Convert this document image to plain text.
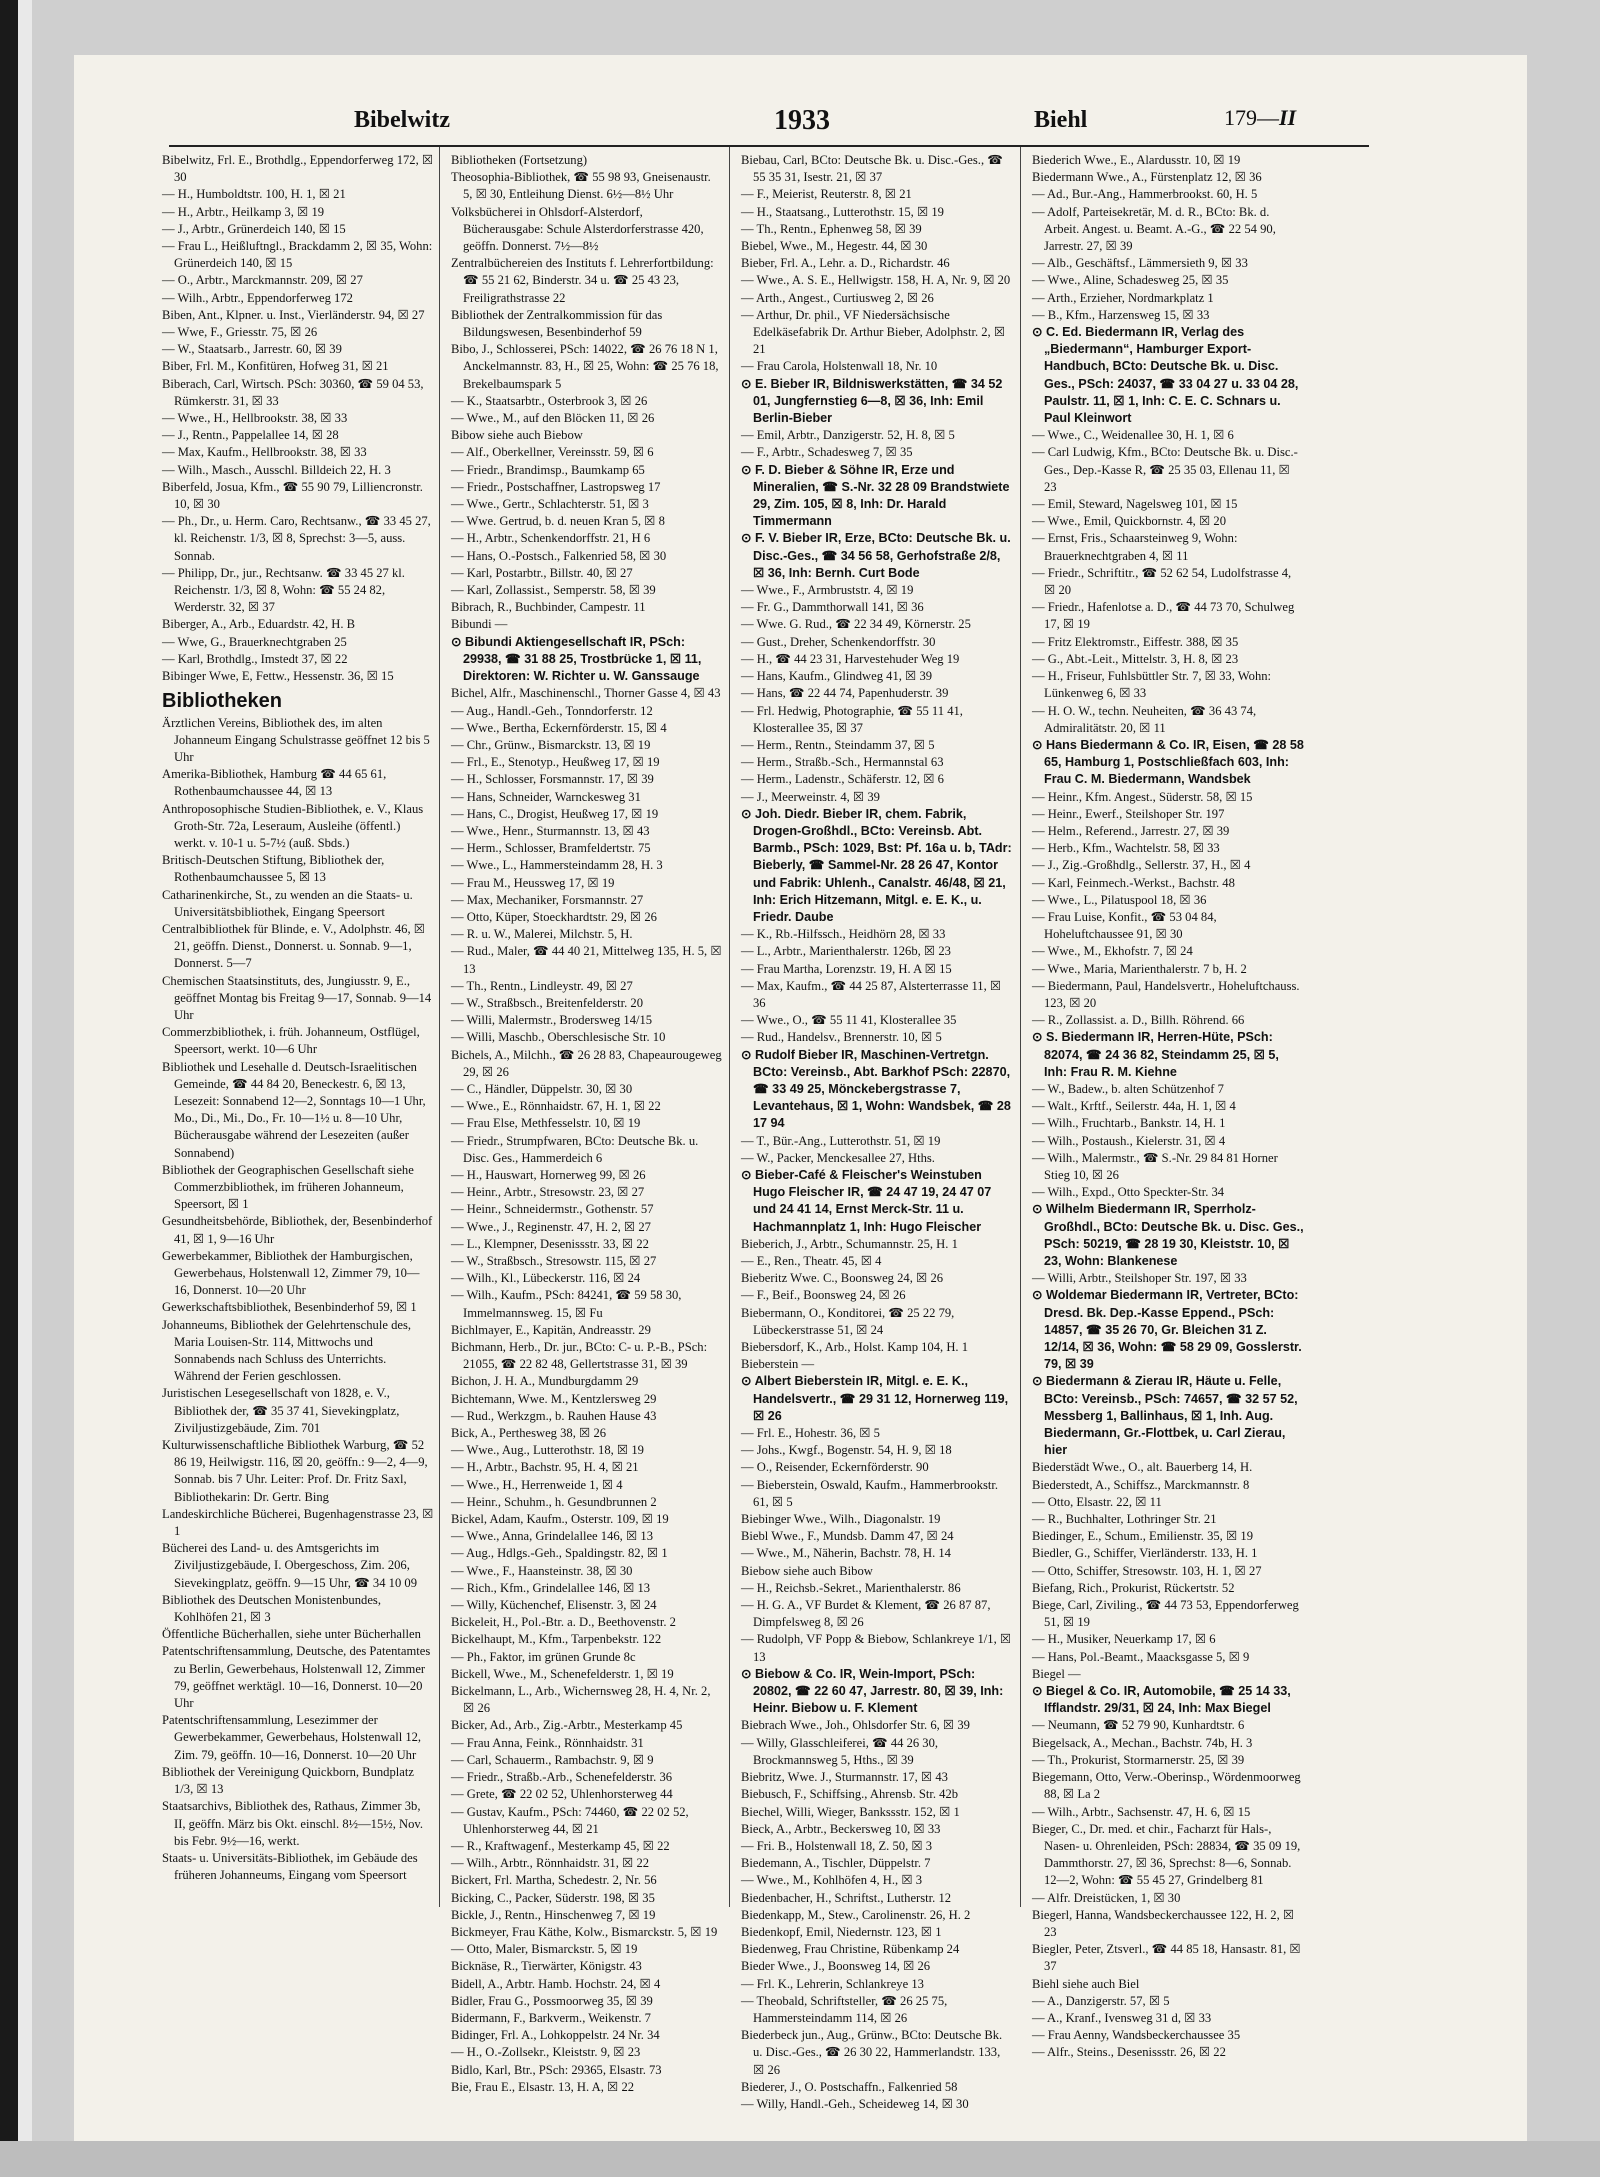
Bibelwitz	1933	Biehl	179—II

Bibelwitz, Frl. E., Brothdlg., Eppendorferweg 172, ☒ 30

— H., Humboldtstr. 100, H. 1, ☒ 21

— H., Arbtr., Heilkamp 3, ☒ 19

— J., Arbtr., Grünerdeich 140, ☒ 15

— Frau L., Heißluftngl., Brackdamm 2, ☒ 35, Wohn: Grünerdeich 140, ☒ 15

— O., Arbtr., Marckmannstr. 209, ☒ 27

— Wilh., Arbtr., Eppendorferweg 172

Biben, Ant., Klpner. u. Inst., Vierländerstr. 94, ☒ 27

— Wwe, F., Griesstr. 75, ☒ 26

— W., Staatsarb., Jarrestr. 60, ☒ 39

Biber, Frl. M., Konfitüren, Hofweg 31, ☒ 21

Biberach, Carl, Wirtsch. PSch: 30360, ☎ 59 04 53, Rümkerstr. 31, ☒ 33

— Wwe., H., Hellbrookstr. 38, ☒ 33

— J., Rentn., Pappelallee 14, ☒ 28

— Max, Kaufm., Hellbrookstr. 38, ☒ 33

— Wilh., Masch., Ausschl. Billdeich 22, H. 3

Biberfeld, Josua, Kfm., ☎ 55 90 79, Lilliencronstr. 10, ☒ 30

— Ph., Dr., u. Herm. Caro, Rechtsanw., ☎ 33 45 27, kl. Reichenstr. 1/3, ☒ 8, Sprechst: 3—5, auss. Sonnab.

— Philipp, Dr., jur., Rechtsanw. ☎ 33 45 27 kl. Reichenstr. 1/3, ☒ 8, Wohn: ☎ 55 24 82, Werderstr. 32, ☒ 37

Biberger, A., Arb., Eduardstr. 42, H. B

— Wwe, G., Brauerknechtgraben 25

— Karl, Brothdlg., Imstedt 37, ☒ 22

Bibinger Wwe, E, Fettw., Hessenstr. 36, ☒ 15

Bibliotheken

Ärztlichen Vereins, Bibliothek des, im alten Johanneum Eingang Schulstrasse geöffnet 12 bis 5 Uhr

Amerika-Bibliothek, Hamburg ☎ 44 65 61, Rothenbaumchaussee 44, ☒ 13

Anthroposophische Studien-Bibliothek, e. V., Klaus Groth-Str. 72a, Leseraum, Ausleihe (öffentl.) werkt. v. 10-1 u. 5-7½ (auß. Sbds.)

Britisch-Deutschen Stiftung, Bibliothek der, Rothenbaumchaussee 5, ☒ 13

Catharinenkirche, St., zu wenden an die Staats- u. Universitätsbibliothek, Eingang Speersort

Centralbibliothek für Blinde, e. V., Adolphstr. 46, ☒ 21, geöffn. Dienst., Donnerst. u. Sonnab. 9—1, Donnerst. 5—7

Chemischen Staatsinstituts, des, Jungiusstr. 9, E., geöffnet Montag bis Freitag 9—17, Sonnab. 9—14 Uhr

Commerzbibliothek, i. früh. Johanneum, Ostflügel, Speersort, werkt. 10—6 Uhr

Bibliothek und Lesehalle d. Deutsch-Israelitischen Gemeinde, ☎ 44 84 20, Beneckestr. 6, ☒ 13, Lesezeit: Sonnabend 12—2, Sonntags 10—1 Uhr, Mo., Di., Mi., Do., Fr. 10—1½ u. 8—10 Uhr, Bücherausgabe während der Lesezeiten (außer Sonnabend)

Bibliothek der Geographischen Gesellschaft siehe Commerzbibliothek, im früheren Johanneum, Speersort, ☒ 1

Gesundheitsbehörde, Bibliothek, der, Besenbinderhof 41, ☒ 1, 9—16 Uhr

Gewerbekammer, Bibliothek der Hamburgischen, Gewerbehaus, Holstenwall 12, Zimmer 79, 10—16, Donnerst. 10—20 Uhr

Gewerkschaftsbibliothek, Besenbinderhof 59, ☒ 1

Johanneums, Bibliothek der Gelehrtenschule des, Maria Louisen-Str. 114, Mittwochs und Sonnabends nach Schluss des Unterrichts. Während der Ferien geschlossen.

Juristischen Lesegesellschaft von 1828, e. V., Bibliothek der, ☎ 35 37 41, Sievekingplatz, Ziviljustizgebäude, Zim. 701

Kulturwissenschaftliche Bibliothek Warburg, ☎ 52 86 19, Heilwigstr. 116, ☒ 20, geöffn.: 9—2, 4—9, Sonnab. bis 7 Uhr. Leiter: Prof. Dr. Fritz Saxl, Bibliothekarin: Dr. Gertr. Bing

Landeskirchliche Bücherei, Bugenhagenstrasse 23, ☒ 1

Bücherei des Land- u. des Amtsgerichts im Ziviljustizgebäude, I. Obergeschoss, Zim. 206, Sievekingplatz, geöffn. 9—15 Uhr, ☎ 34 10 09

Bibliothek des Deutschen Monistenbundes, Kohlhöfen 21, ☒ 3

Öffentliche Bücherhallen, siehe unter Bücherhallen

Patentschriftensammlung, Deutsche, des Patentamtes zu Berlin, Gewerbehaus, Holstenwall 12, Zimmer 79, geöffnet werktägl. 10—16, Donnerst. 10—20 Uhr

Patentschriftensammlung, Lesezimmer der Gewerbekammer, Gewerbehaus, Holstenwall 12, Zim. 79, geöffn. 10—16, Donnerst. 10—20 Uhr

Bibliothek der Vereinigung Quickborn, Bundplatz 1/3, ☒ 13

Staatsarchivs, Bibliothek des, Rathaus, Zimmer 3b, II, geöffn. März bis Okt. einschl. 8½—15½, Nov. bis Febr. 9½—16, werkt.

Staats- u. Universitäts-Bibliothek, im Gebäude des früheren Johanneums, Eingang vom Speersort

Bibliotheken (Fortsetzung)

Theosophia-Bibliothek, ☎ 55 98 93, Gneisenaustr. 5, ☒ 30, Entleihung Dienst. 6½—8½ Uhr

Volksbücherei in Ohlsdorf-Alsterdorf, Bücherausgabe: Schule Alsterdorferstrasse 420, geöffn. Donnerst. 7½—8½

Zentralbüchereien des Instituts f. Lehrerfortbildung: ☎ 55 21 62, Binderstr. 34 u. ☎ 25 43 23, Freiligrathstrasse 22

Bibliothek der Zentralkommission für das Bildungswesen, Besenbinderhof 59

Bibo, J., Schlosserei, PSch: 14022, ☎ 26 76 18 N 1, Anckelmannstr. 83, H., ☒ 25, Wohn: ☎ 25 76 18, Brekelbaumspark 5

— K., Staatsarbtr., Osterbrook 3, ☒ 26

— Wwe., M., auf den Blöcken 11, ☒ 26

Bibow siehe auch Biebow

— Alf., Oberkellner, Vereinsstr. 59, ☒ 6

— Friedr., Brandimsp., Baumkamp 65

— Friedr., Postschaffner, Lastropsweg 17

— Wwe., Gertr., Schlachterstr. 51, ☒ 3

— Wwe. Gertrud, b. d. neuen Kran 5, ☒ 8

— H., Arbtr., Schenkendorffstr. 21, H 6

— Hans, O.-Postsch., Falkenried 58, ☒ 30

— Karl, Postarbtr., Billstr. 40, ☒ 27

— Karl, Zollassist., Semperstr. 58, ☒ 39

Bibrach, R., Buchbinder, Campestr. 11

Bibundi —

⊙ Bibundi Aktiengesellschaft IR, PSch: 29938, ☎ 31 88 25, Trostbrücke 1, ☒ 11, Direktoren: W. Richter u. W. Ganssauge

Bichel, Alfr., Maschinenschl., Thorner Gasse 4, ☒ 43

— Aug., Handl.-Geh., Tonndorferstr. 12

— Wwe., Bertha, Eckernförderstr. 15, ☒ 4

— Chr., Grünw., Bismarckstr. 13, ☒ 19

— Frl., E., Stenotyp., Heußweg 17, ☒ 19

— H., Schlosser, Forsmannstr. 17, ☒ 39

— Hans, Schneider, Warnckesweg 31

— Hans, C., Drogist, Heußweg 17, ☒ 19

— Wwe., Henr., Sturmannstr. 13, ☒ 43

— Herm., Schlosser, Bramfeldertstr. 75

— Wwe., L., Hammersteindamm 28, H. 3

— Frau M., Heussweg 17, ☒ 19

— Max, Mechaniker, Forsmannstr. 27

— Otto, Küper, Stoeckhardtstr. 29, ☒ 26

— R. u. W., Malerei, Milchstr. 5, H.

— Rud., Maler, ☎ 44 40 21, Mittelweg 135, H. 5, ☒ 13

— Th., Rentn., Lindleystr. 49, ☒ 27

— W., Straßbsch., Breitenfelderstr. 20

— Willi, Malermstr., Brodersweg 14/15

— Willi, Maschb., Oberschlesische Str. 10

Bichels, A., Milchh., ☎ 26 28 83, Chapeaurougeweg 29, ☒ 26

— C., Händler, Düppelstr. 30, ☒ 30

— Wwe., E., Rönnhaidstr. 67, H. 1, ☒ 22

— Frau Else, Methfesselstr. 10, ☒ 19

— Friedr., Strumpfwaren, BCto: Deutsche Bk. u. Disc. Ges., Hammerdeich 6

— H., Hauswart, Hornerweg 99, ☒ 26

— Heinr., Arbtr., Stresowstr. 23, ☒ 27

— Heinr., Schneidermstr., Gothenstr. 57

— Wwe., J., Reginenstr. 47, H. 2, ☒ 27

— L., Klempner, Desenissstr. 33, ☒ 22

— W., Straßbsch., Stresowstr. 115, ☒ 27

— Wilh., Kl., Lübeckerstr. 116, ☒ 24

— Wilh., Kaufm., PSch: 84241, ☎ 59 58 30, Immelmannsweg. 15, ☒ Fu

Bichlmayer, E., Kapitän, Andreasstr. 29

Bichmann, Herb., Dr. jur., BCto: C- u. P.-B., PSch: 21055, ☎ 22 82 48, Gellertstrasse 31, ☒ 39

Bichon, J. H. A., Mundburgdamm 29

Bichtemann, Wwe. M., Kentzlersweg 29

— Rud., Werkzgm., b. Rauhen Hause 43

Bick, A., Perthesweg 38, ☒ 26

— Wwe., Aug., Lutterothstr. 18, ☒ 19

— H., Arbtr., Bachstr. 95, H. 4, ☒ 21

— Wwe., H., Herrenweide 1, ☒ 4

— Heinr., Schuhm., h. Gesundbrunnen 2

Bickel, Adam, Kaufm., Osterstr. 109, ☒ 19

— Wwe., Anna, Grindelallee 146, ☒ 13

— Aug., Hdlgs.-Geh., Spaldingstr. 82, ☒ 1

— Wwe., F., Haansteinstr. 38, ☒ 30

— Rich., Kfm., Grindelallee 146, ☒ 13

— Willy, Küchenchef, Elisenstr. 3, ☒ 24

Bickeleit, H., Pol.-Btr. a. D., Beethovenstr. 2

Bickelhaupt, M., Kfm., Tarpenbekstr. 122

— Ph., Faktor, im grünen Grunde 8c

Bickell, Wwe., M., Schenefelderstr. 1, ☒ 19

Bickelmann, L., Arb., Wichernsweg 28, H. 4, Nr. 2, ☒ 26

Bicker, Ad., Arb., Zig.-Arbtr., Mesterkamp 45

— Frau Anna, Feink., Rönnhaidstr. 31

— Carl, Schauerm., Rambachstr. 9, ☒ 9

— Friedr., Straßb.-Arb., Schenefelderstr. 36

— Grete, ☎ 22 02 52, Uhlenhorsterweg 44

— Gustav, Kaufm., PSch: 74460, ☎ 22 02 52, Uhlenhorsterweg 44, ☒ 21

— R., Kraftwagenf., Mesterkamp 45, ☒ 22

— Wilh., Arbtr., Rönnhaidstr. 31, ☒ 22

Bickert, Frl. Martha, Schedestr. 2, Nr. 56

Bicking, C., Packer, Süderstr. 198, ☒ 35

Bickle, J., Rentn., Hinschenweg 7, ☒ 19

Bickmeyer, Frau Käthe, Kolw., Bismarckstr. 5, ☒ 19

— Otto, Maler, Bismarckstr. 5, ☒ 19

Bicknäse, R., Tierwärter, Königstr. 43

Bidell, A., Arbtr. Hamb. Hochstr. 24, ☒ 4

Bidler, Frau G., Possmoorweg 35, ☒ 39

Bidermann, F., Barkverm., Weikenstr. 7

Bidinger, Frl. A., Lohkoppelstr. 24 Nr. 34

— H., O.-Zollsekr., Kleiststr. 9, ☒ 23

Bidlo, Karl, Btr., PSch: 29365, Elsastr. 73

Bie, Frau E., Elsastr. 13, H. A, ☒ 22

Biebau, Carl, BCto: Deutsche Bk. u. Disc.-Ges., ☎ 55 35 31, Isestr. 21, ☒ 37

— F., Meierist, Reuterstr. 8, ☒ 21

— H., Staatsang., Lutterothstr. 15, ☒ 19

— Th., Rentn., Ephenweg 58, ☒ 39

Biebel, Wwe., M., Hegestr. 44, ☒ 30

Bieber, Frl. A., Lehr. a. D., Richardstr. 46

— Wwe., A. S. E., Hellwigstr. 158, H. A, Nr. 9, ☒ 20

— Arth., Angest., Curtiusweg 2, ☒ 26

— Arthur, Dr. phil., VF Niedersächsische Edelkäsefabrik Dr. Arthur Bieber, Adolphstr. 2, ☒ 21

— Frau Carola, Holstenwall 18, Nr. 10

⊙ E. Bieber IR, Bildniswerkstätten, ☎ 34 52 01, Jungfernstieg 6—8, ☒ 36, Inh: Emil Berlin-Bieber

— Emil, Arbtr., Danzigerstr. 52, H. 8, ☒ 5

— F., Arbtr., Schadesweg 7, ☒ 35

⊙ F. D. Bieber & Söhne IR, Erze und Mineralien, ☎ S.-Nr. 32 28 09 Brandstwiete 29, Zim. 105, ☒ 8, Inh: Dr. Harald Timmermann

⊙ F. V. Bieber IR, Erze, BCto: Deutsche Bk. u. Disc.-Ges., ☎ 34 56 58, Gerhofstraße 2/8, ☒ 36, Inh: Bernh. Curt Bode

— Wwe., F., Armbruststr. 4, ☒ 19

— Fr. G., Dammthorwall 141, ☒ 36

— Wwe. G. Rud., ☎ 22 34 49, Körnerstr. 25

— Gust., Dreher, Schenkendorffstr. 30

— H., ☎ 44 23 31, Harvestehuder Weg 19

— Hans, Kaufm., Glindweg 41, ☒ 39

— Hans, ☎ 22 44 74, Papenhuderstr. 39

— Frl. Hedwig, Photographie, ☎ 55 11 41, Klosterallee 35, ☒ 37

— Herm., Rentn., Steindamm 37, ☒ 5

— Herm., Straßb.-Sch., Hermannstal 63

— Herm., Ladenstr., Schäferstr. 12, ☒ 6

— J., Meerweinstr. 4, ☒ 39

⊙ Joh. Diedr. Bieber IR, chem. Fabrik, Drogen-Großhdl., BCto: Vereinsb. Abt. Barmb., PSch: 1029, Bst: Pf. 16a u. b, TAdr: Bieberly, ☎ Sammel-Nr. 28 26 47, Kontor und Fabrik: Uhlenh., Canalstr. 46/48, ☒ 21, Inh: Erich Hitzemann, Mitgl. e. E. K., u. Friedr. Daube

— K., Rb.-Hilfssch., Heidhörn 28, ☒ 33

— L., Arbtr., Marienthalerstr. 126b, ☒ 23

— Frau Martha, Lorenzstr. 19, H. A ☒ 15

— Max, Kaufm., ☎ 44 25 87, Alsterterrasse 11, ☒ 36

— Wwe., O., ☎ 55 11 41, Klosterallee 35

— Rud., Handelsv., Brennerstr. 10, ☒ 5

⊙ Rudolf Bieber IR, Maschinen-Vertretgn. BCto: Vereinsb., Abt. Barkhof PSch: 22870, ☎ 33 49 25, Mönckebergstrasse 7, Levantehaus, ☒ 1, Wohn: Wandsbek, ☎ 28 17 94

— T., Bür.-Ang., Lutterothstr. 51, ☒ 19

— W., Packer, Menckesallee 27, Hths.

⊙ Bieber-Café & Fleischer's Weinstuben Hugo Fleischer IR, ☎ 24 47 19, 24 47 07 und 24 41 14, Ernst Merck-Str. 11 u. Hachmannplatz 1, Inh: Hugo Fleischer

Bieberich, J., Arbtr., Schumannstr. 25, H. 1

— E., Ren., Theatr. 45, ☒ 4

Bieberitz Wwe. C., Boonsweg 24, ☒ 26

— F., Beif., Boonsweg 24, ☒ 26

Biebermann, O., Konditorei, ☎ 25 22 79, Lübeckerstrasse 51, ☒ 24

Biebersdorf, K., Arb., Holst. Kamp 104, H. 1

Bieberstein —

⊙ Albert Bieberstein IR, Mitgl. e. E. K., Handelsvertr., ☎ 29 31 12, Hornerweg 119, ☒ 26

— Frl. E., Hohestr. 36, ☒ 5

— Johs., Kwgf., Bogenstr. 54, H. 9, ☒ 18

— O., Reisender, Eckernförderstr. 90

— Bieberstein, Oswald, Kaufm., Hammerbrookstr. 61, ☒ 5

Biebinger Wwe., Wilh., Diagonalstr. 19

Biebl Wwe., F., Mundsb. Damm 47, ☒ 24

— Wwe., M., Näherin, Bachstr. 78, H. 14

Biebow siehe auch Bibow

— H., Reichsb.-Sekret., Marienthalerstr. 86

— H. G. A., VF Burdet & Klement, ☎ 26 87 87, Dimpfelsweg 8, ☒ 26

— Rudolph, VF Popp & Biebow, Schlankreye 1/1, ☒ 13

⊙ Biebow & Co. IR, Wein-Import, PSch: 20802, ☎ 22 60 47, Jarrestr. 80, ☒ 39, Inh: Heinr. Biebow u. F. Klement

Biebrach Wwe., Joh., Ohlsdorfer Str. 6, ☒ 39

— Willy, Glasschleiferei, ☎ 44 26 30, Brockmannsweg 5, Hths., ☒ 39

Biebritz, Wwe. J., Sturmannstr. 17, ☒ 43

Biebusch, F., Schiffsing., Ahrensb. Str. 42b

Biechel, Willi, Wieger, Bankssstr. 152, ☒ 1

Bieck, A., Arbtr., Beckersweg 10, ☒ 33

— Fri. B., Holstenwall 18, Z. 50, ☒ 3

Biedemann, A., Tischler, Düppelstr. 7

— Wwe., M., Kohlhöfen 4, H., ☒ 3

Biedenbacher, H., Schriftst., Lutherstr. 12

Biedenkapp, M., Stew., Carolinenstr. 26, H. 2

Biedenkopf, Emil, Niedernstr. 123, ☒ 1

Biedenweg, Frau Christine, Rübenkamp 24

Bieder Wwe., J., Boonsweg 14, ☒ 26

— Frl. K., Lehrerin, Schlankreye 13

— Theobald, Schriftsteller, ☎ 26 25 75, Hammersteindamm 114, ☒ 26

Biederbeck jun., Aug., Grünw., BCto: Deutsche Bk. u. Disc.-Ges., ☎ 26 30 22, Hammerlandstr. 133, ☒ 26

Biederer, J., O. Postschaffn., Falkenried 58

— Willy, Handl.-Geh., Scheideweg 14, ☒ 30

Biederich Wwe., E., Alardusstr. 10, ☒ 19

Biedermann Wwe., A., Fürstenplatz 12, ☒ 36

— Ad., Bur.-Ang., Hammerbrookst. 60, H. 5

— Adolf, Parteisekretär, M. d. R., BCto: Bk. d. Arbeit. Angest. u. Beamt. A.-G., ☎ 22 54 90, Jarrestr. 27, ☒ 39

— Alb., Geschäftsf., Lämmersieth 9, ☒ 33

— Wwe., Aline, Schadesweg 25, ☒ 35

— Arth., Erzieher, Nordmarkplatz 1

— B., Kfm., Harzensweg 15, ☒ 33

⊙ C. Ed. Biedermann IR, Verlag des „Biedermann“, Hamburger Export-Handbuch, BCto: Deutsche Bk. u. Disc. Ges., PSch: 24037, ☎ 33 04 27 u. 33 04 28, Paulstr. 11, ☒ 1, Inh: C. E. C. Schnars u. Paul Kleinwort

— Wwe., C., Weidenallee 30, H. 1, ☒ 6

— Carl Ludwig, Kfm., BCto: Deutsche Bk. u. Disc.-Ges., Dep.-Kasse R, ☎ 25 35 03, Ellenau 11, ☒ 23

— Emil, Steward, Nagelsweg 101, ☒ 15

— Wwe., Emil, Quickbornstr. 4, ☒ 20

— Ernst, Fris., Schaarsteinweg 9, Wohn: Brauerknechtgraben 4, ☒ 11

— Friedr., Schriftitr., ☎ 52 62 54, Ludolfstrasse 4, ☒ 20

— Friedr., Hafenlotse a. D., ☎ 44 73 70, Schulweg 17, ☒ 19

— Fritz Elektromstr., Eiffestr. 388, ☒ 35

— G., Abt.-Leit., Mittelstr. 3, H. 8, ☒ 23

— H., Friseur, Fuhlsbüttler Str. 7, ☒ 33, Wohn: Lünkenweg 6, ☒ 33

— H. O. W., techn. Neuheiten, ☎ 36 43 74, Admiralitätstr. 20, ☒ 11

⊙ Hans Biedermann & Co. IR, Eisen, ☎ 28 58 65, Hamburg 1, Postschließfach 603, Inh: Frau C. M. Biedermann, Wandsbek

— Heinr., Kfm. Angest., Süderstr. 58, ☒ 15

— Heinr., Ewerf., Steilshoper Str. 197

— Helm., Referend., Jarrestr. 27, ☒ 39

— Herb., Kfm., Wachtelstr. 58, ☒ 33

— J., Zig.-Großhdlg., Sellerstr. 37, H., ☒ 4

— Karl, Feinmech.-Werkst., Bachstr. 48

— Wwe., L., Pilatuspool 18, ☒ 36

— Frau Luise, Konfit., ☎ 53 04 84, Hoheluftchaussee 91, ☒ 30

— Wwe., M., Ekhofstr. 7, ☒ 24

— Wwe., Maria, Marienthalerstr. 7 b, H. 2

— Biedermann, Paul, Handelsvertr., Hoheluftchauss. 123, ☒ 20

— R., Zollassist. a. D., Billh. Röhrend. 66

⊙ S. Biedermann IR, Herren-Hüte, PSch: 82074, ☎ 24 36 82, Steindamm 25, ☒ 5, Inh: Frau R. M. Kiehne

— W., Badew., b. alten Schützenhof 7

— Walt., Krftf., Seilerstr. 44a, H. 1, ☒ 4

— Wilh., Fruchtarb., Bankstr. 14, H. 1

— Wilh., Postaush., Kielerstr. 31, ☒ 4

— Wilh., Malermstr., ☎ S.-Nr. 29 84 81 Horner Stieg 10, ☒ 26

— Wilh., Expd., Otto Speckter-Str. 34

⊙ Wilhelm Biedermann IR, Sperrholz-Großhdl., BCto: Deutsche Bk. u. Disc. Ges., PSch: 50219, ☎ 28 19 30, Kleiststr. 10, ☒ 23, Wohn: Blankenese

— Willi, Arbtr., Steilshoper Str. 197, ☒ 33

⊙ Woldemar Biedermann IR, Vertreter, BCto: Dresd. Bk. Dep.-Kasse Eppend., PSch: 14857, ☎ 35 26 70, Gr. Bleichen 31 Z. 12/14, ☒ 36, Wohn: ☎ 58 29 09, Gosslerstr. 79, ☒ 39

⊙ Biedermann & Zierau IR, Häute u. Felle, BCto: Vereinsb., PSch: 74657, ☎ 32 57 52, Messberg 1, Ballinhaus, ☒ 1, Inh. Aug. Biedermann, Gr.-Flottbek, u. Carl Zierau, hier

Biederstädt Wwe., O., alt. Bauerberg 14, H.

Biederstedt, A., Schiffsz., Marckmannstr. 8

— Otto, Elsastr. 22, ☒ 11

— R., Buchhalter, Lothringer Str. 21

Biedinger, E., Schum., Emilienstr. 35, ☒ 19

Biedler, G., Schiffer, Vierländerstr. 133, H. 1

— Otto, Schiffer, Stresowstr. 103, H. 1, ☒ 27

Biefang, Rich., Prokurist, Rückertstr. 52

Biege, Carl, Ziviling., ☎ 44 73 53, Eppendorferweg 51, ☒ 19

— H., Musiker, Neuerkamp 17, ☒ 6

— Hans, Pol.-Beamt., Maacksgasse 5, ☒ 9

Biegel —

⊙ Biegel & Co. IR, Automobile, ☎ 25 14 33, Ifflandstr. 29/31, ☒ 24, Inh: Max Biegel

— Neumann, ☎ 52 79 90, Kunhardtstr. 6

Biegelsack, A., Mechan., Bachstr. 74b, H. 3

— Th., Prokurist, Stormarnerstr. 25, ☒ 39

Biegemann, Otto, Verw.-Oberinsp., Wördenmoorweg 88, ☒ La 2

— Wilh., Arbtr., Sachsenstr. 47, H. 6, ☒ 15

Bieger, C., Dr. med. et chir., Facharzt für Hals-, Nasen- u. Ohrenleiden, PSch: 28834, ☎ 35 09 19, Dammthorstr. 27, ☒ 36, Sprechst: 8—6, Sonnab. 12—2, Wohn: ☎ 55 45 27, Grindelberg 81

— Alfr. Dreistücken, 1, ☒ 30

Biegerl, Hanna, Wandsbeckerchaussee 122, H. 2, ☒ 23

Biegler, Peter, Ztsverl., ☎ 44 85 18, Hansastr. 81, ☒ 37

Biehl siehe auch Biel

— A., Danzigerstr. 57, ☒ 5

— A., Kranf., Ivensweg 31 d, ☒ 33

— Frau Aenny, Wandsbeckerchaussee 35

— Alfr., Steins., Desenissstr. 26, ☒ 22
